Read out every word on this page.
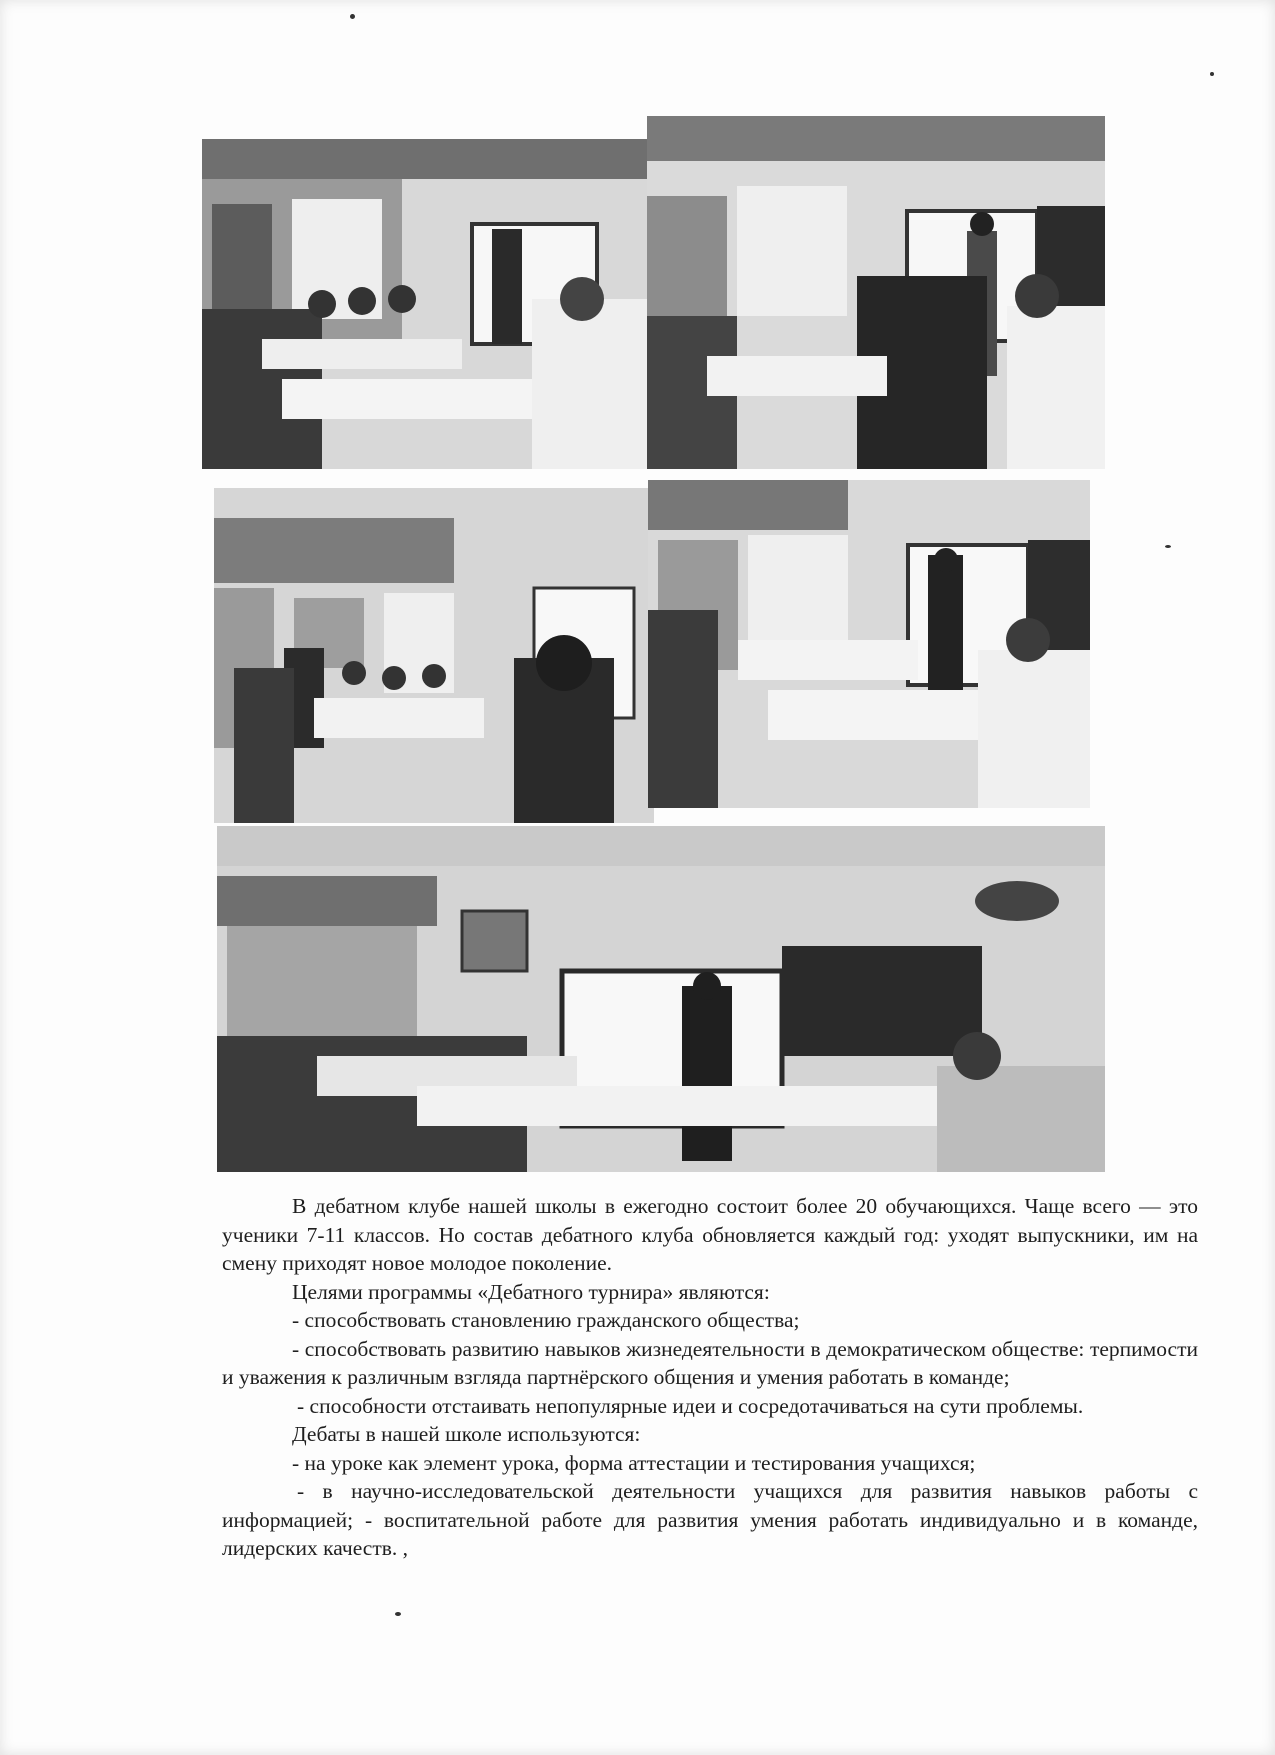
В дебатном клубе нашей школы в ежегодно состоит более 20 обучающихся. Чаще всего — это ученики 7-11 классов. Но состав дебатного клуба обновляется каждый год: уходят выпускники, им на смену приходят новое молодое поколение.

Целями программы «Дебатного турнира» являются:

- способствовать становлению гражданского общества;

- способствовать развитию навыков жизнедеятельности в демократическом обществе: терпимости и уважения к различным взгляда партнёрского общения и умения работать в команде;

- способности отстаивать непопулярные идеи и сосредотачиваться на сути проблемы.

Дебаты в нашей школе используются:

- на уроке как элемент урока, форма аттестации и тестирования учащихся;

- в научно-исследовательской деятельности учащихся для развития навыков работы с информацией; - воспитательной работе для развития умения работать индивидуально и в команде, лидерских качеств. ,
